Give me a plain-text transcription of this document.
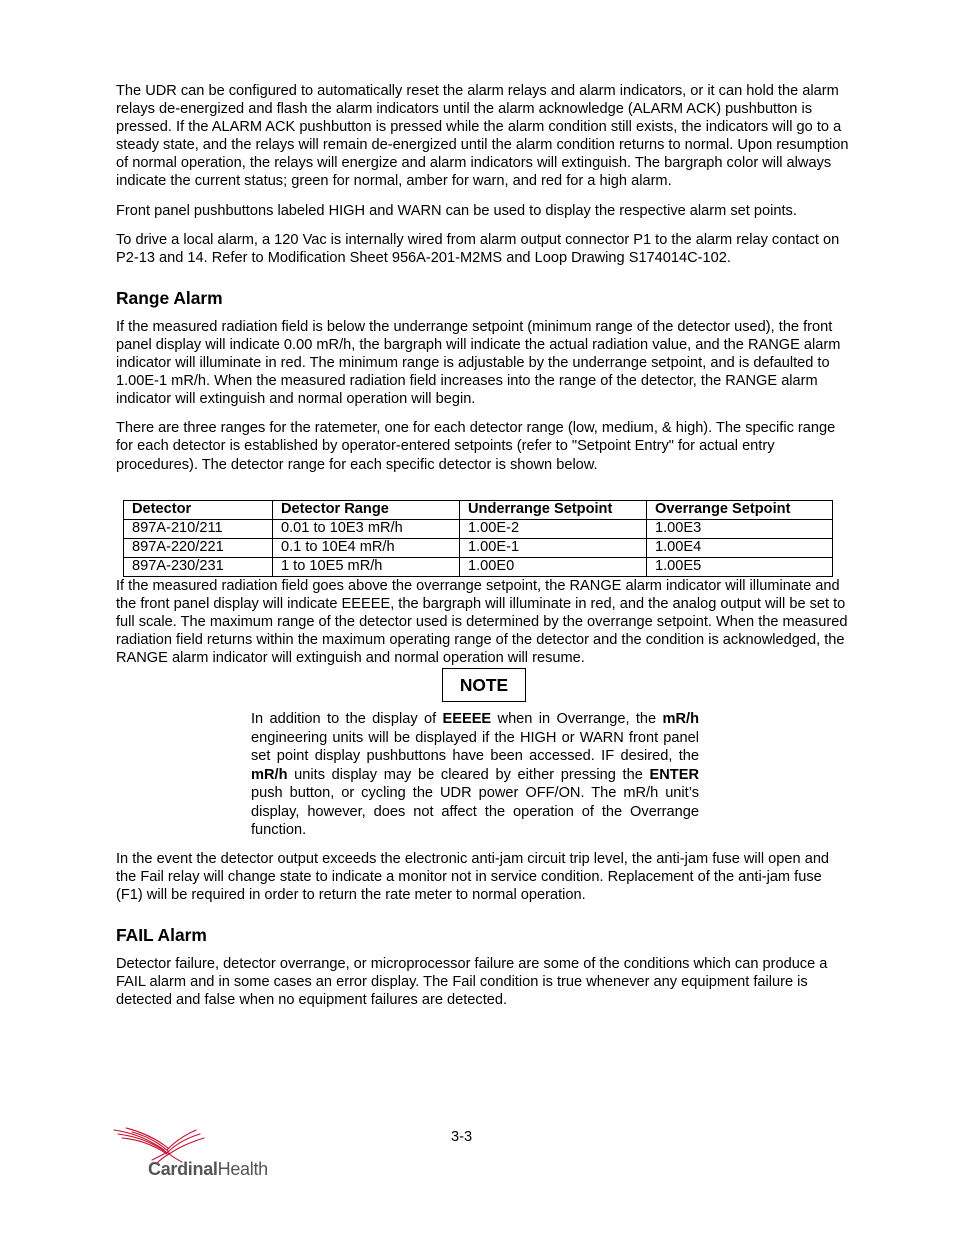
The UDR can be configured to automatically reset the alarm relays and alarm indicators, or it can hold the alarm relays de-energized and flash the alarm indicators until the alarm acknowledge (ALARM ACK) pushbutton is pressed. If the ALARM ACK pushbutton is pressed while the alarm condition still exists, the indicators will go to a steady state, and the relays will remain de-energized until the alarm condition returns to normal. Upon resumption of normal operation, the relays will energize and alarm indicators will extinguish. The bargraph color will always indicate the current status; green for normal, amber for warn, and red for a high alarm.

Front panel pushbuttons labeled HIGH and WARN can be used to display the respective alarm set points.

To drive a local alarm, a 120 Vac is internally wired from alarm output connector P1 to the alarm relay contact on P2-13 and 14. Refer to Modification Sheet 956A-201-M2MS and Loop Drawing S174014C-102.

Range Alarm

If the measured radiation field is below the underrange setpoint (minimum range of the detector used), the front panel display will indicate 0.00 mR/h, the bargraph will indicate the actual radiation value, and the RANGE alarm indicator will illuminate in red. The minimum range is adjustable by the underrange setpoint, and is defaulted to 1.00E-1 mR/h. When the measured radiation field increases into the range of the detector, the RANGE alarm indicator will extinguish and normal operation will begin.

There are three ranges for the ratemeter, one for each detector range (low, medium, & high). The specific range for each detector is established by operator-entered setpoints (refer to "Setpoint Entry" for actual entry procedures). The detector range for each specific detector is shown below.

Detector	Detector Range	Underrange Setpoint	Overrange Setpoint
897A-210/211	0.01 to 10E3 mR/h	1.00E-2	1.00E3
897A-220/221	0.1 to 10E4 mR/h	1.00E-1	1.00E4
897A-230/231	1 to 10E5 mR/h	1.00E0	1.00E5

If the measured radiation field goes above the overrange setpoint, the RANGE alarm indicator will illuminate and the front panel display will indicate EEEEE, the bargraph will illuminate in red, and the analog output will be set to full scale. The maximum range of the detector used is determined by the overrange setpoint. When the measured radiation field returns within the maximum operating range of the detector and the condition is acknowledged, the RANGE alarm indicator will extinguish and normal operation will resume.

NOTE
In addition to the display of EEEEE when in Overrange, the mR/h engineering units will be displayed if the HIGH or WARN front panel set point display pushbuttons have been accessed. IF desired, the mR/h units display may be cleared by either pressing the ENTER push button, or cycling the UDR power OFF/ON. The mR/h unit’s display, however, does not affect the operation of the Overrange function.

In the event the detector output exceeds the electronic anti-jam circuit trip level, the anti-jam fuse will open and the Fail relay will change state to indicate a monitor not in service condition. Replacement of the anti-jam fuse (F1) will be required in order to return the rate meter to normal operation.

FAIL Alarm

Detector failure, detector overrange, or microprocessor failure are some of the conditions which can produce a FAIL alarm and in some cases an error display. The Fail condition is true whenever any equipment failure is detected and false when no equipment failures are detected.

3-3
CardinalHealth
